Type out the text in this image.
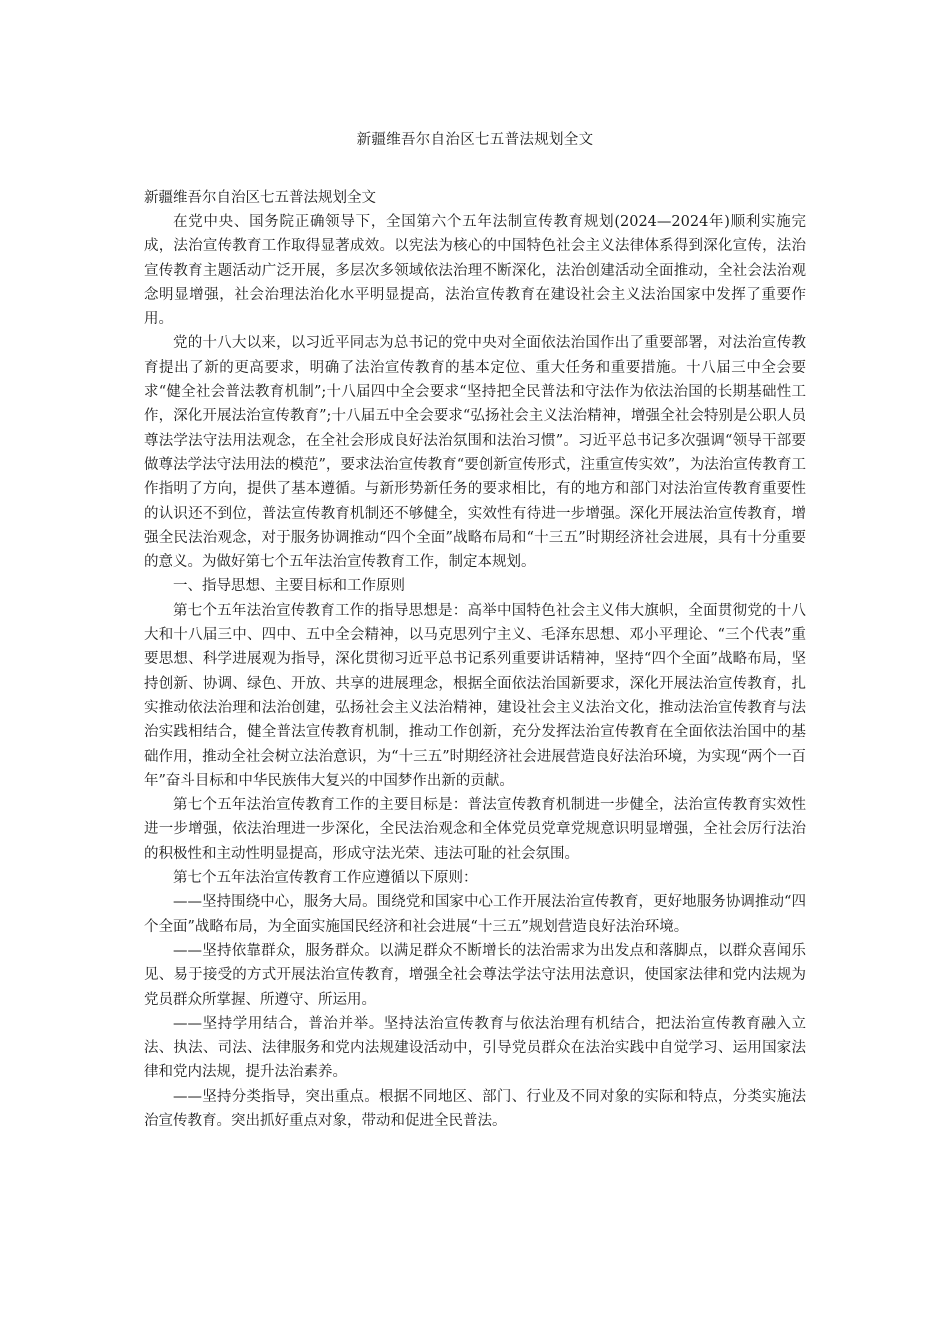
新疆维吾尔自治区七五普法规划全文
新疆维吾尔自治区七五普法规划全文

在党中央、国务院正确领导下，全国第六个五年法制宣传教育规划(2024—2024年)顺利实施完成，法治宣传教育工作取得显著成效。以宪法为核心的中国特色社会主义法律体系得到深化宣传，法治宣传教育主题活动广泛开展，多层次多领域依法治理不断深化，法治创建活动全面推动，全社会法治观念明显增强，社会治理法治化水平明显提高，法治宣传教育在建设社会主义法治国家中发挥了重要作用。

党的十八大以来，以习近平同志为总书记的党中央对全面依法治国作出了重要部署，对法治宣传教育提出了新的更高要求，明确了法治宣传教育的基本定位、重大任务和重要措施。十八届三中全会要求“健全社会普法教育机制”;十八届四中全会要求“坚持把全民普法和守法作为依法治国的长期基础性工作，深化开展法治宣传教育”;十八届五中全会要求“弘扬社会主义法治精神，增强全社会特别是公职人员尊法学法守法用法观念，在全社会形成良好法治氛围和法治习惯”。习近平总书记多次强调“领导干部要做尊法学法守法用法的模范”，要求法治宣传教育“要创新宣传形式，注重宣传实效”，为法治宣传教育工作指明了方向，提供了基本遵循。与新形势新任务的要求相比，有的地方和部门对法治宣传教育重要性的认识还不到位，普法宣传教育机制还不够健全，实效性有待进一步增强。深化开展法治宣传教育，增强全民法治观念，对于服务协调推动“四个全面”战略布局和“十三五”时期经济社会进展，具有十分重要的意义。为做好第七个五年法治宣传教育工作，制定本规划。

一、指导思想、主要目标和工作原则

第七个五年法治宣传教育工作的指导思想是：高举中国特色社会主义伟大旗帜，全面贯彻党的十八大和十八届三中、四中、五中全会精神，以马克思列宁主义、毛泽东思想、邓小平理论、“三个代表”重要思想、科学进展观为指导，深化贯彻习近平总书记系列重要讲话精神，坚持“四个全面”战略布局，坚持创新、协调、绿色、开放、共享的进展理念，根据全面依法治国新要求，深化开展法治宣传教育，扎实推动依法治理和法治创建，弘扬社会主义法治精神，建设社会主义法治文化，推动法治宣传教育与法治实践相结合，健全普法宣传教育机制，推动工作创新，充分发挥法治宣传教育在全面依法治国中的基础作用，推动全社会树立法治意识，为“十三五”时期经济社会进展营造良好法治环境，为实现“两个一百年”奋斗目标和中华民族伟大复兴的中国梦作出新的贡献。

第七个五年法治宣传教育工作的主要目标是：普法宣传教育机制进一步健全，法治宣传教育实效性进一步增强，依法治理进一步深化，全民法治观念和全体党员党章党规意识明显增强，全社会厉行法治的积极性和主动性明显提高，形成守法光荣、违法可耻的社会氛围。

第七个五年法治宣传教育工作应遵循以下原则：

——坚持围绕中心，服务大局。围绕党和国家中心工作开展法治宣传教育，更好地服务协调推动“四个全面”战略布局，为全面实施国民经济和社会进展“十三五”规划营造良好法治环境。

——坚持依靠群众，服务群众。以满足群众不断增长的法治需求为出发点和落脚点，以群众喜闻乐见、易于接受的方式开展法治宣传教育，增强全社会尊法学法守法用法意识，使国家法律和党内法规为党员群众所掌握、所遵守、所运用。

——坚持学用结合，普治并举。坚持法治宣传教育与依法治理有机结合，把法治宣传教育融入立法、执法、司法、法律服务和党内法规建设活动中，引导党员群众在法治实践中自觉学习、运用国家法律和党内法规，提升法治素养。

——坚持分类指导，突出重点。根据不同地区、部门、行业及不同对象的实际和特点，分类实施法治宣传教育。突出抓好重点对象，带动和促进全民普法。
